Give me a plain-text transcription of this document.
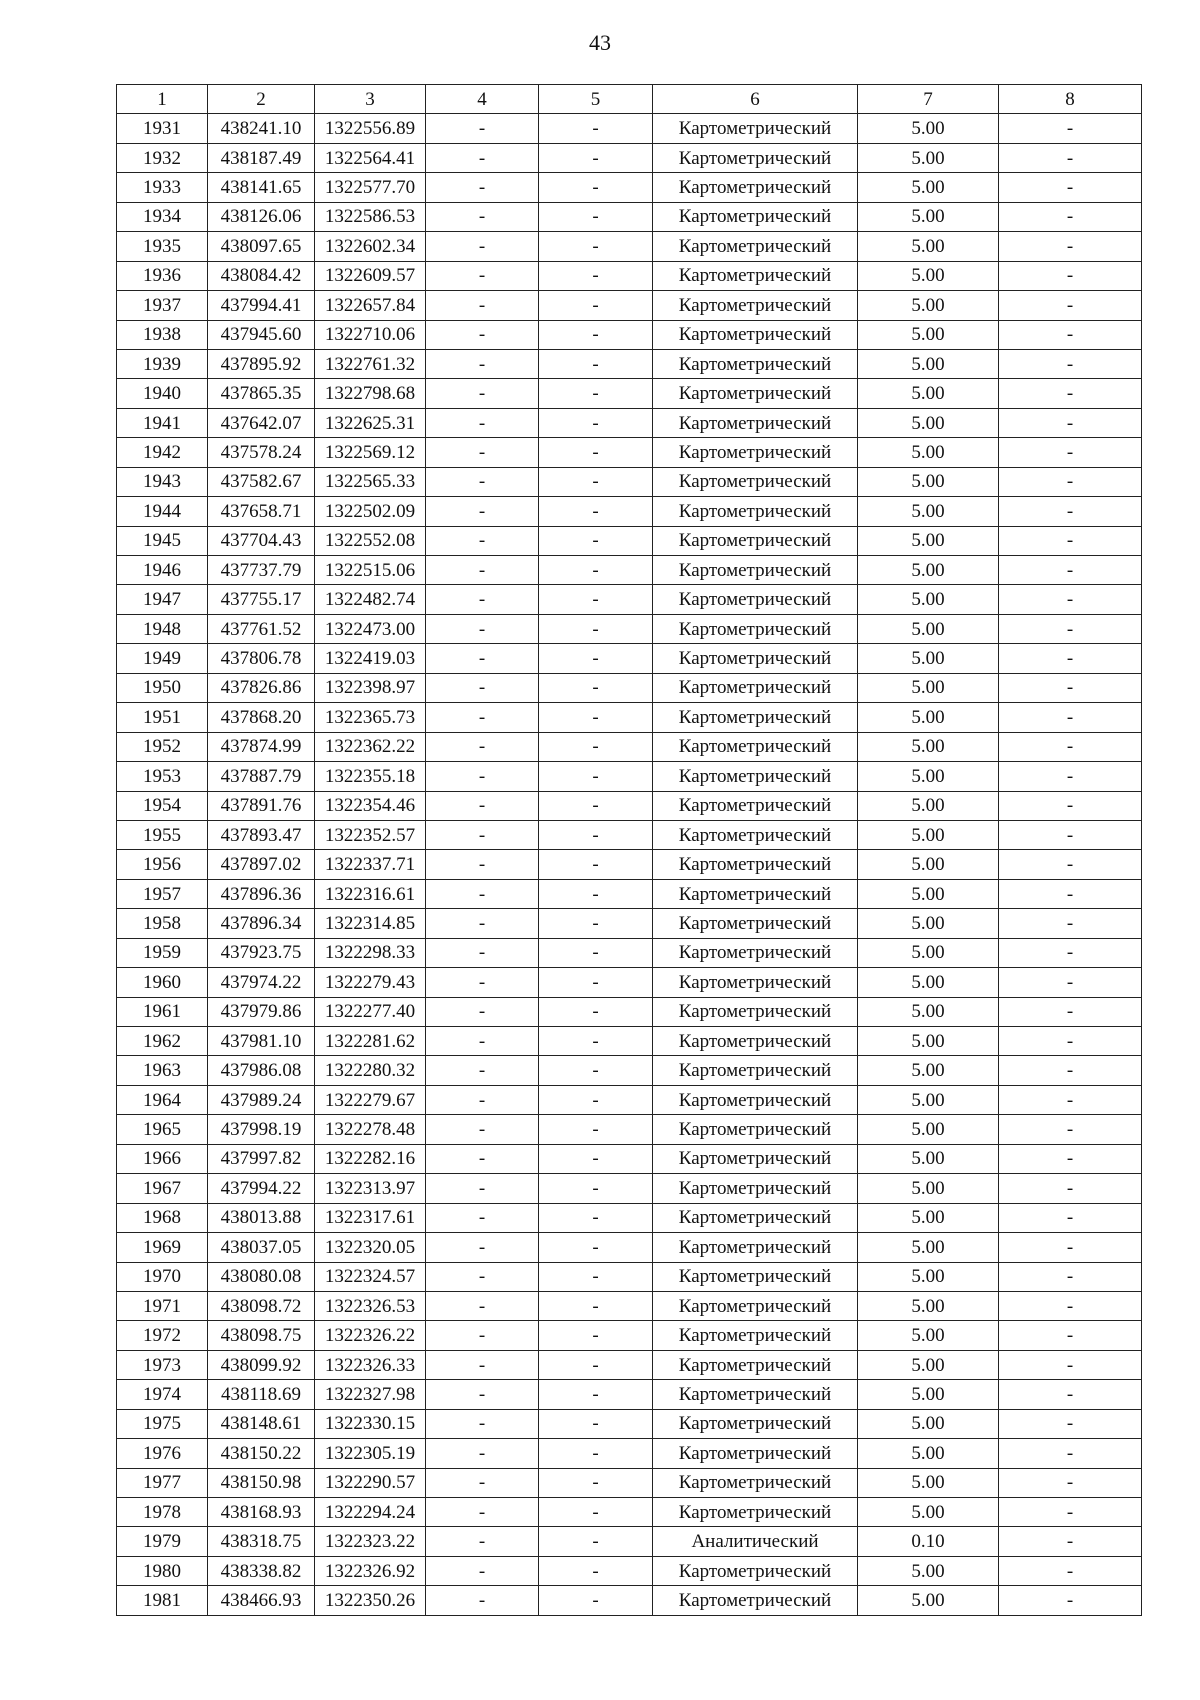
43
1	2	3	4	5	6	7	8
1931	438241.10	1322556.89	-	-	Картометрический	5.00	-
1932	438187.49	1322564.41	-	-	Картометрический	5.00	-
1933	438141.65	1322577.70	-	-	Картометрический	5.00	-
1934	438126.06	1322586.53	-	-	Картометрический	5.00	-
1935	438097.65	1322602.34	-	-	Картометрический	5.00	-
1936	438084.42	1322609.57	-	-	Картометрический	5.00	-
1937	437994.41	1322657.84	-	-	Картометрический	5.00	-
1938	437945.60	1322710.06	-	-	Картометрический	5.00	-
1939	437895.92	1322761.32	-	-	Картометрический	5.00	-
1940	437865.35	1322798.68	-	-	Картометрический	5.00	-
1941	437642.07	1322625.31	-	-	Картометрический	5.00	-
1942	437578.24	1322569.12	-	-	Картометрический	5.00	-
1943	437582.67	1322565.33	-	-	Картометрический	5.00	-
1944	437658.71	1322502.09	-	-	Картометрический	5.00	-
1945	437704.43	1322552.08	-	-	Картометрический	5.00	-
1946	437737.79	1322515.06	-	-	Картометрический	5.00	-
1947	437755.17	1322482.74	-	-	Картометрический	5.00	-
1948	437761.52	1322473.00	-	-	Картометрический	5.00	-
1949	437806.78	1322419.03	-	-	Картометрический	5.00	-
1950	437826.86	1322398.97	-	-	Картометрический	5.00	-
1951	437868.20	1322365.73	-	-	Картометрический	5.00	-
1952	437874.99	1322362.22	-	-	Картометрический	5.00	-
1953	437887.79	1322355.18	-	-	Картометрический	5.00	-
1954	437891.76	1322354.46	-	-	Картометрический	5.00	-
1955	437893.47	1322352.57	-	-	Картометрический	5.00	-
1956	437897.02	1322337.71	-	-	Картометрический	5.00	-
1957	437896.36	1322316.61	-	-	Картометрический	5.00	-
1958	437896.34	1322314.85	-	-	Картометрический	5.00	-
1959	437923.75	1322298.33	-	-	Картометрический	5.00	-
1960	437974.22	1322279.43	-	-	Картометрический	5.00	-
1961	437979.86	1322277.40	-	-	Картометрический	5.00	-
1962	437981.10	1322281.62	-	-	Картометрический	5.00	-
1963	437986.08	1322280.32	-	-	Картометрический	5.00	-
1964	437989.24	1322279.67	-	-	Картометрический	5.00	-
1965	437998.19	1322278.48	-	-	Картометрический	5.00	-
1966	437997.82	1322282.16	-	-	Картометрический	5.00	-
1967	437994.22	1322313.97	-	-	Картометрический	5.00	-
1968	438013.88	1322317.61	-	-	Картометрический	5.00	-
1969	438037.05	1322320.05	-	-	Картометрический	5.00	-
1970	438080.08	1322324.57	-	-	Картометрический	5.00	-
1971	438098.72	1322326.53	-	-	Картометрический	5.00	-
1972	438098.75	1322326.22	-	-	Картометрический	5.00	-
1973	438099.92	1322326.33	-	-	Картометрический	5.00	-
1974	438118.69	1322327.98	-	-	Картометрический	5.00	-
1975	438148.61	1322330.15	-	-	Картометрический	5.00	-
1976	438150.22	1322305.19	-	-	Картометрический	5.00	-
1977	438150.98	1322290.57	-	-	Картометрический	5.00	-
1978	438168.93	1322294.24	-	-	Картометрический	5.00	-
1979	438318.75	1322323.22	-	-	Аналитический	0.10	-
1980	438338.82	1322326.92	-	-	Картометрический	5.00	-
1981	438466.93	1322350.26	-	-	Картометрический	5.00	-
